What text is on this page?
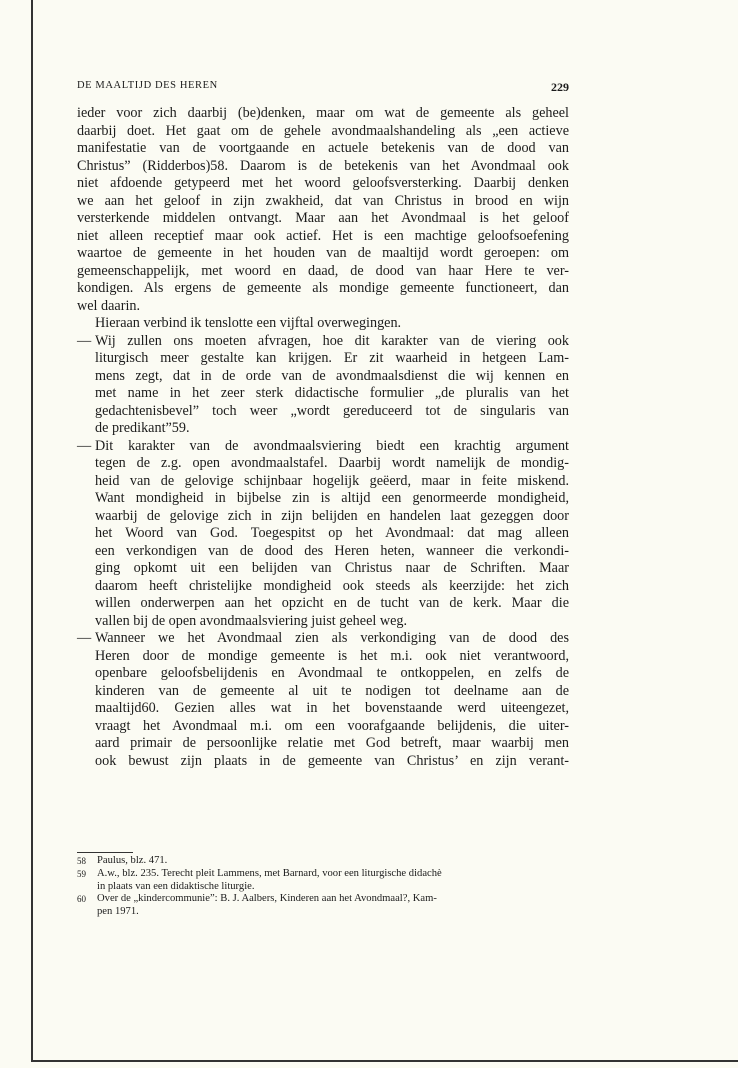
DE MAALTIJD DES HEREN	229
ieder voor zich daarbij (be)denken, maar om wat de gemeente als geheel
daarbij doet. Het gaat om de gehele avondmaalshandeling als „een actieve
manifestatie van de voortgaande en actuele betekenis van de dood van
Christus” (Ridderbos)58. Daarom is de betekenis van het Avondmaal ook
niet afdoende getypeerd met het woord geloofsversterking. Daarbij denken
we aan het geloof in zijn zwakheid, dat van Christus in brood en wijn
versterkende middelen ontvangt. Maar aan het Avondmaal is het geloof
niet alleen receptief maar ook actief. Het is een machtige geloofsoefening
waartoe de gemeente in het houden van de maaltijd wordt geroepen: om
gemeenschappelijk, met woord en daad, de dood van haar Here te ver-
kondigen. Als ergens de gemeente als mondige gemeente functioneert, dan
wel daarin.
Hieraan verbind ik tenslotte een vijftal overwegingen.
— Wij zullen ons moeten afvragen, hoe dit karakter van de viering ook
liturgisch meer gestalte kan krijgen. Er zit waarheid in hetgeen Lam-
mens zegt, dat in de orde van de avondmaalsdienst die wij kennen en
met name in het zeer sterk didactische formulier „de pluralis van het
gedachtenisbevel” toch weer „wordt gereduceerd tot de singularis van
de predikant”59.
— Dit karakter van de avondmaalsviering biedt een krachtig argument
tegen de z.g. open avondmaalstafel. Daarbij wordt namelijk de mondig-
heid van de gelovige schijnbaar hogelijk geëerd, maar in feite miskend.
Want mondigheid in bijbelse zin is altijd een genormeerde mondigheid,
waarbij de gelovige zich in zijn belijden en handelen laat gezeggen door
het Woord van God. Toegespitst op het Avondmaal: dat mag alleen
een verkondigen van de dood des Heren heten, wanneer die verkondi-
ging opkomt uit een belijden van Christus naar de Schriften. Maar
daarom heeft christelijke mondigheid ook steeds als keerzijde: het zich
willen onderwerpen aan het opzicht en de tucht van de kerk. Maar die
vallen bij de open avondmaalsviering juist geheel weg.
— Wanneer we het Avondmaal zien als verkondiging van de dood des
Heren door de mondige gemeente is het m.i. ook niet verantwoord,
openbare geloofsbelijdenis en Avondmaal te ontkoppelen, en zelfs de
kinderen van de gemeente al uit te nodigen tot deelname aan de
maaltijd60. Gezien alles wat in het bovenstaande werd uiteengezet,
vraagt het Avondmaal m.i. om een voorafgaande belijdenis, die uiter-
aard primair de persoonlijke relatie met God betreft, maar waarbij men
ook bewust zijn plaats in de gemeente van Christus’ en zijn verant-
58 Paulus, blz. 471.
59 A.w., blz. 235. Terecht pleit Lammens, met Barnard, voor een liturgische didachè
in plaats van een didaktische liturgie.
60 Over de „kindercommunie”: B. J. Aalbers, Kinderen aan het Avondmaal?, Kam-
pen 1971.
